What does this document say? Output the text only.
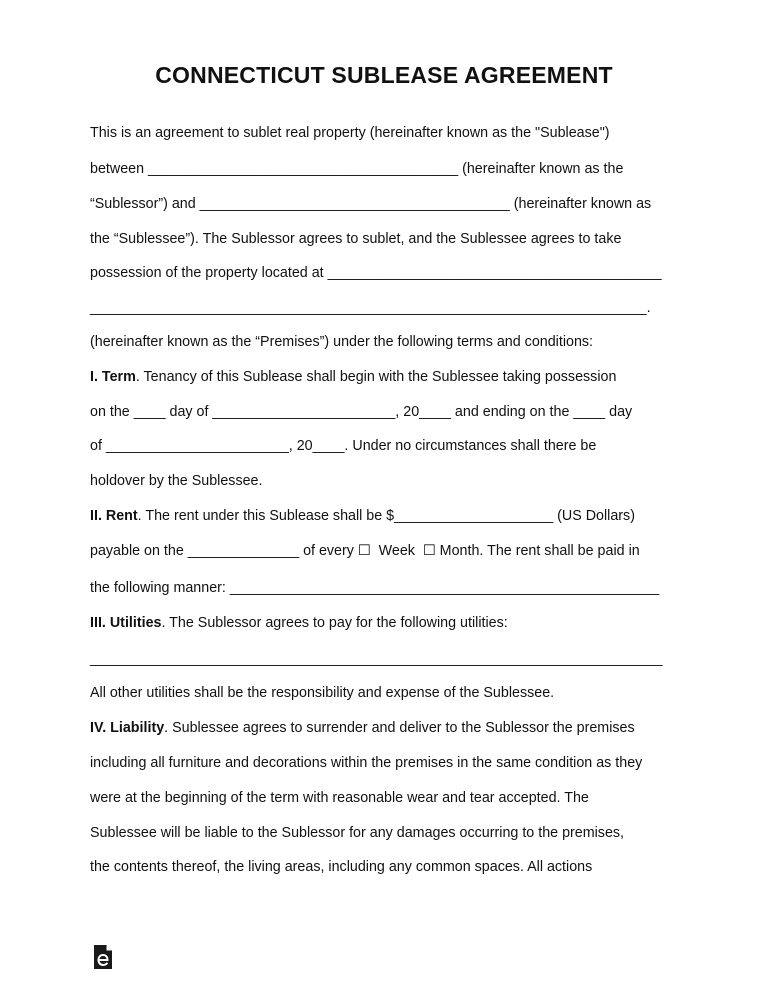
CONNECTICUT SUBLEASE AGREEMENT

This is an agreement to sublet real property (hereinafter known as the "Sublease")

between _______________________________________ (hereinafter known as the

“Sublessor”) and _______________________________________ (hereinafter known as

the “Sublessee”). The Sublessor agrees to sublet, and the Sublessee agrees to take

possession of the property located at __________________________________________

______________________________________________________________________.

(hereinafter known as the “Premises”) under the following terms and conditions:

I. Term. Tenancy of this Sublease shall begin with the Sublessee taking possession

on the ____ day of _______________________, 20____ and ending on the ____ day

of _______________________, 20____. Under no circumstances shall there be

holdover by the Sublessee.

II. Rent. The rent under this Sublease shall be $____________________ (US Dollars)

payable on the ______________ of every ☐  Week  ☐ Month. The rent shall be paid in

the following manner: ______________________________________________________

III. Utilities. The Sublessor agrees to pay for the following utilities:

________________________________________________________________________

All other utilities shall be the responsibility and expense of the Sublessee.

IV. Liability. Sublessee agrees to surrender and deliver to the Sublessor the premises

including all furniture and decorations within the premises in the same condition as they

were at the beginning of the term with reasonable wear and tear accepted. The

Sublessee will be liable to the Sublessor for any damages occurring to the premises,

the contents thereof, the living areas, including any common spaces. All actions
